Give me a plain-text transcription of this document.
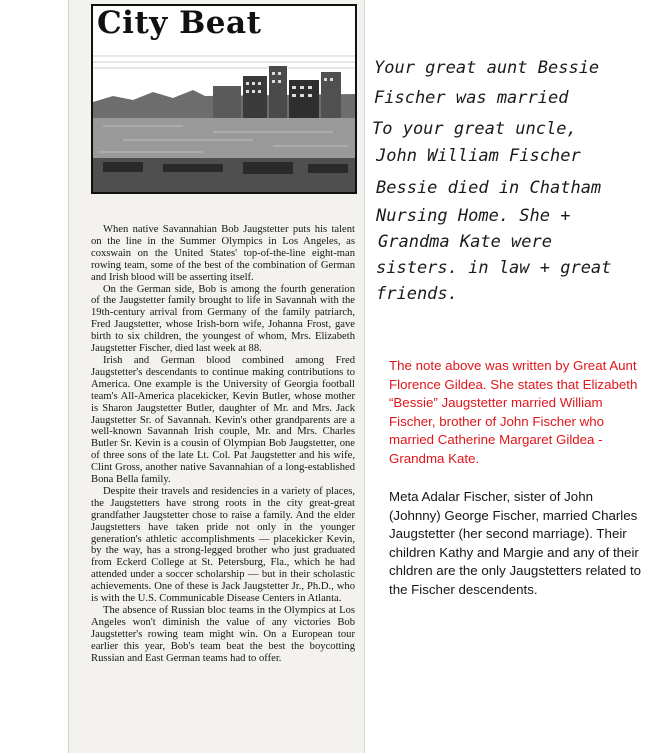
City Beat

When native Savannahian Bob Jaugstetter puts his talent on the line in the Summer Olympics in Los Angeles, as coxswain on the United States' top-of-the-line eight-man rowing team, some of the best of the combination of German and Irish blood will be asserting itself.

On the German side, Bob is among the fourth generation of the Jaugstetter family brought to life in Savannah with the 19th-century arrival from Germany of the family patriarch, Fred Jaugstetter, whose Irish-born wife, Johanna Frost, gave birth to six children, the youngest of whom, Mrs. Elizabeth Jaugstetter Fischer, died last week at 88.

Irish and German blood combined among Fred Jaugstetter's descendants to continue making contributions to America. One example is the University of Georgia football team's All-America placekicker, Kevin Butler, whose mother is Sharon Jaugstetter Butler, daughter of Mr. and Mrs. Jack Jaugstetter Sr. of Savannah. Kevin's other grandparents are a well-known Savannah Irish couple, Mr. and Mrs. Charles Butler Sr. Kevin is a cousin of Olympian Bob Jaugstetter, one of three sons of the late Lt. Col. Pat Jaugstetter and his wife, Clint Gross, another native Savannahian of a long-established Bona Bella family.

Despite their travels and residencies in a variety of places, the Jaugstetters have strong roots in the city great-great grandfather Jaugstetter chose to raise a family. And the elder Jaugstetters have taken pride not only in the younger generation's athletic accomplishments — placekicker Kevin, by the way, has a strong-legged brother who just graduated from Eckerd College at St. Petersburg, Fla., which he had attended under a soccer scholarship — but in their scholastic achievements. One of these is Jack Jaugstetter Jr., Ph.D., who is with the U.S. Communicable Disease Centers in Atlanta.

The absence of Russian bloc teams in the Olympics at Los Angeles won't diminish the value of any victories Bob Jaugstetter's rowing team might win. On a European tour earlier this year, Bob's team beat the best the boycotting Russian and East German teams had to offer.

Your great aunt Bessie
Fischer was married
To your great uncle,
John William Fischer
Bessie died in Chatham
Nursing Home. She +
Grandma Kate were
sisters. in law + great
friends.
The note above was written by Great Aunt Florence Gildea. She states that Elizabeth “Bessie” Jaugstetter married William Fischer, brother of John Fischer who married Catherine Margaret Gildea - Grandma Kate.
Meta Adalar Fischer, sister of John (Johnny) George Fischer, married Charles Jaugstetter (her second marriage). Their children Kathy and Margie and any of their chldren are the only Jaugstetters related to the Fischer descendents.
